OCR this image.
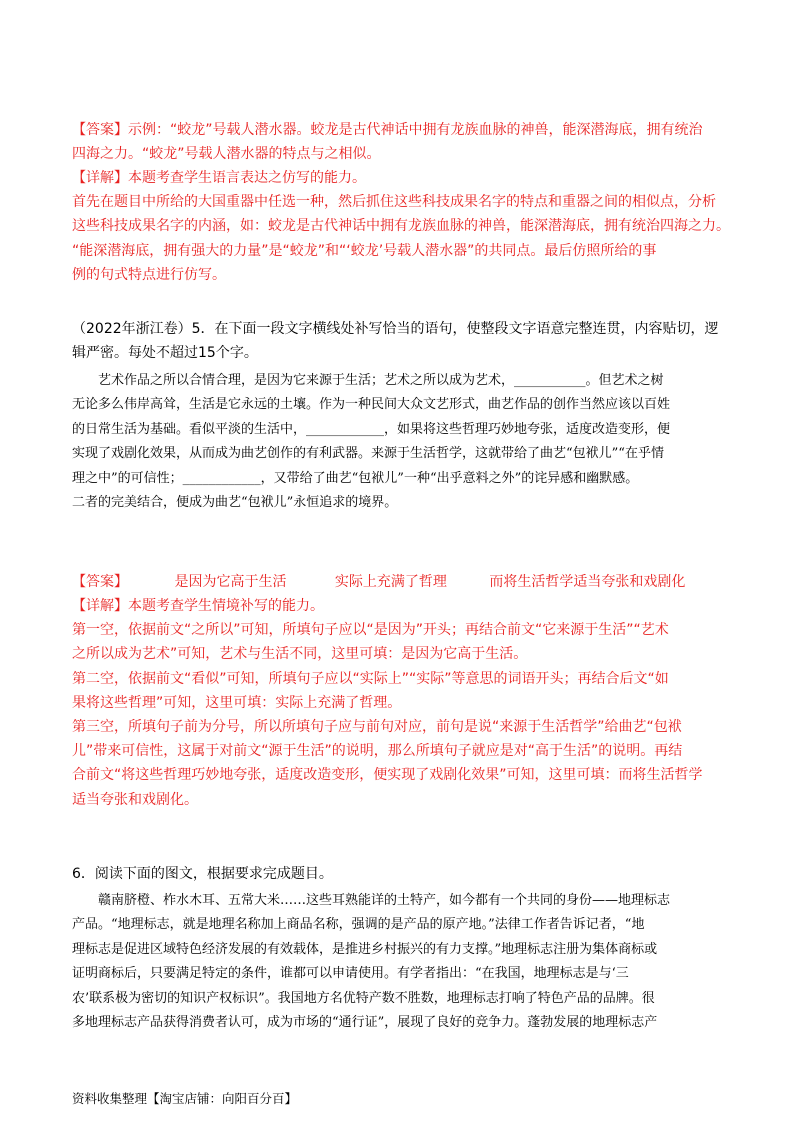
【答案】示例：“蛟龙”号载人潜水器。蛟龙是古代神话中拥有龙族血脉的神兽，能深潜海底，拥有统治
四海之力。“蛟龙”号载人潜水器的特点与之相似。
【详解】本题考查学生语言表达之仿写的能力。
首先在题目中所给的大国重器中任选一种，然后抓住这些科技成果名字的特点和重器之间的相似点，分析
这些科技成果名字的内涵，如：蛟龙是古代神话中拥有龙族血脉的神兽，能深潜海底，拥有统治四海之力。
“能深潜海底，拥有强大的力量”是“蛟龙”和“‘蛟龙’号载人潜水器”的共同点。最后仿照所给的事
例的句式特点进行仿写。
（2022年浙江卷）5．在下面一段文字横线处补写恰当的语句，使整段文字语意完整连贯，内容贴切，逻
辑严密。每处不超过15个字。
艺术作品之所以合情合理，是因为它来源于生活；艺术之所以成为艺术，___________。但艺术之树
无论多么伟岸高耸，生活是它永远的土壤。作为一种民间大众文艺形式，曲艺作品的创作当然应该以百姓
的日常生活为基础。看似平淡的生活中，____________，如果将这些哲理巧妙地夸张，适度改造变形，便
实现了戏剧化效果，从而成为曲艺创作的有利武器。来源于生活哲学，这就带给了曲艺“包袱儿”“在乎情
理之中”的可信性；____________，又带给了曲艺“包袱儿”一种“出乎意料之外”的诧异感和幽默感。
二者的完美结合，便成为曲艺“包袱儿”永恒追求的境界。
【答案】	是因为它高于生活	实际上充满了哲理	而将生活哲学适当夸张和戏剧化
【详解】本题考查学生情境补写的能力。
第一空，依据前文“之所以”可知，所填句子应以“是因为”开头；再结合前文“它来源于生活”“艺术
之所以成为艺术”可知，艺术与生活不同，这里可填：是因为它高于生活。
第二空，依据前文“看似”可知，所填句子应以“实际上”“实际”等意思的词语开头；再结合后文“如
果将这些哲理”可知，这里可填：实际上充满了哲理。
第三空，所填句子前为分号，所以所填句子应与前句对应，前句是说“来源于生活哲学”给曲艺“包袱
儿”带来可信性，这属于对前文“源于生活”的说明，那么所填句子就应是对“高于生活”的说明。再结
合前文“将这些哲理巧妙地夸张，适度改造变形，便实现了戏剧化效果”可知，这里可填：而将生活哲学
适当夸张和戏剧化。
6．阅读下面的图文，根据要求完成题目。
赣南脐橙、柞水木耳、五常大米……这些耳熟能详的土特产，如今都有一个共同的身份——地理标志
产品。“地理标志，就是地理名称加上商品名称，强调的是产品的原产地。”法律工作者告诉记者，“地
理标志是促进区域特色经济发展的有效载体，是推进乡村振兴的有力支撑。”地理标志注册为集体商标或
证明商标后，只要满足特定的条件，谁都可以申请使用。有学者指出：“在我国，地理标志是与‘三
农’联系极为密切的知识产权标识”。我国地方名优特产数不胜数，地理标志打响了特色产品的品牌。很
多地理标志产品获得消费者认可，成为市场的“通行证”，展现了良好的竞争力。蓬勃发展的地理标志产
资料收集整理【淘宝店铺：向阳百分百】
